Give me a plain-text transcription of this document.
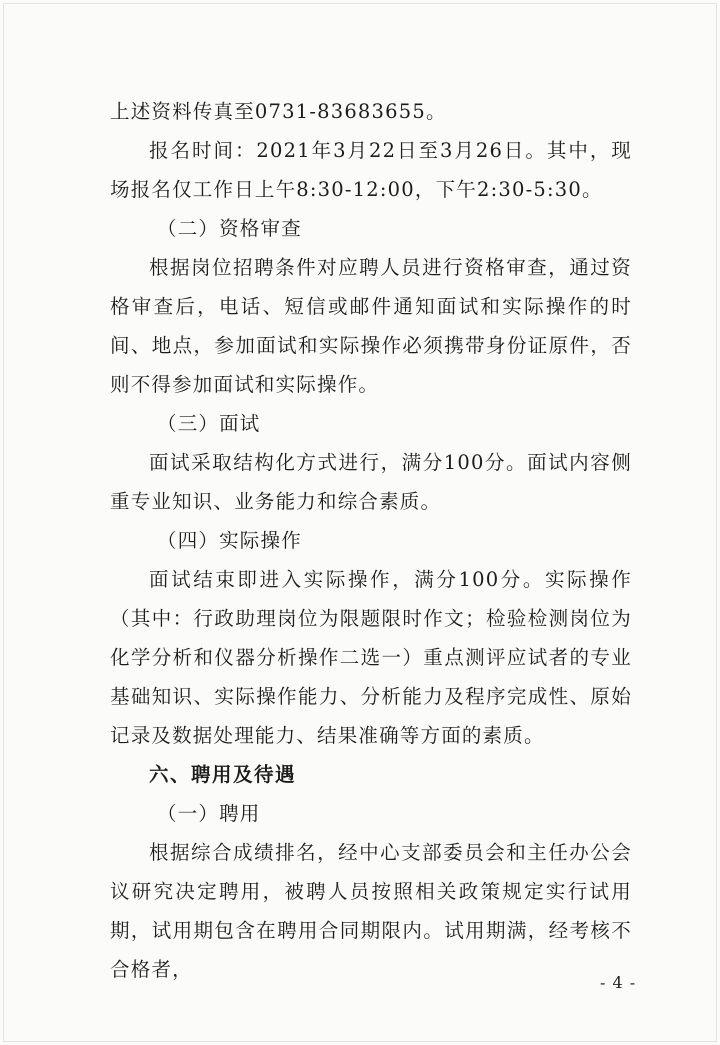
上述资料传真至0731-83683655。

报名时间：2021年3月22日至3月26日。其中，现场报名仅工作日上午8:30-12:00，下午2:30-5:30。

（二）资格审查

根据岗位招聘条件对应聘人员进行资格审查，通过资格审查后，电话、短信或邮件通知面试和实际操作的时间、地点，参加面试和实际操作必须携带身份证原件，否则不得参加面试和实际操作。

（三）面试

面试采取结构化方式进行，满分100分。面试内容侧重专业知识、业务能力和综合素质。

（四）实际操作

面试结束即进入实际操作，满分100分。实际操作（其中：行政助理岗位为限题限时作文；检验检测岗位为化学分析和仪器分析操作二选一）重点测评应试者的专业基础知识、实际操作能力、分析能力及程序完成性、原始记录及数据处理能力、结果准确等方面的素质。

六、聘用及待遇

（一）聘用

根据综合成绩排名，经中心支部委员会和主任办公会议研究决定聘用，被聘人员按照相关政策规定实行试用期，试用期包含在聘用合同期限内。试用期满，经考核不合格者，

- 4 -
